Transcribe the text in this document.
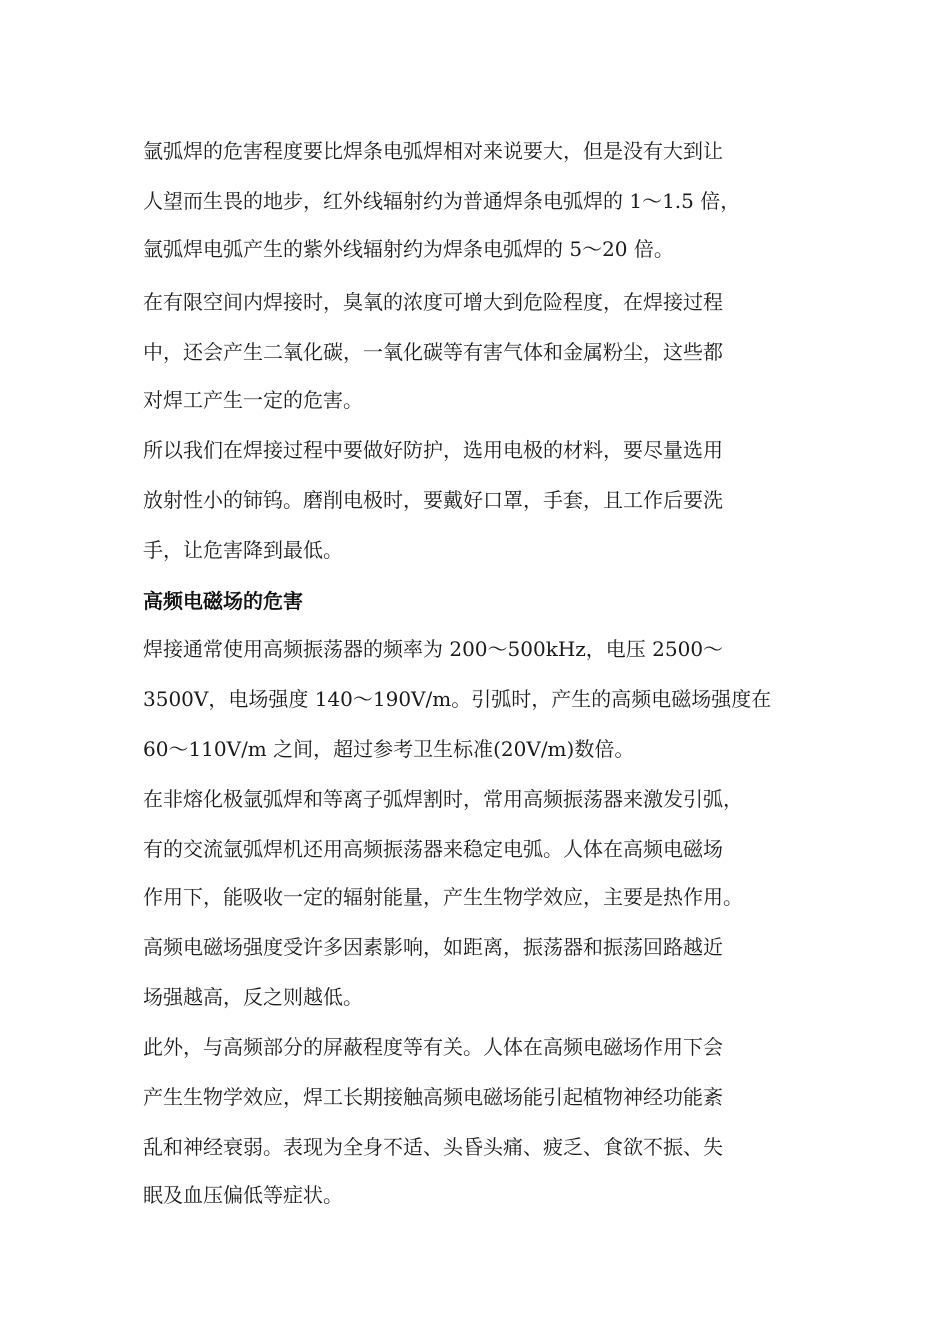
氩弧焊的危害程度要比焊条电弧焊相对来说要大，但是没有大到让

人望而生畏的地步，红外线辐射约为普通焊条电弧焊的 1～1.5 倍，

氩弧焊电弧产生的紫外线辐射约为焊条电弧焊的 5～20 倍。

在有限空间内焊接时，臭氧的浓度可增大到危险程度，在焊接过程

中，还会产生二氧化碳，一氧化碳等有害气体和金属粉尘，这些都

对焊工产生一定的危害。

所以我们在焊接过程中要做好防护，选用电极的材料，要尽量选用

放射性小的铈钨。磨削电极时，要戴好口罩，手套，且工作后要洗

手，让危害降到最低。

高频电磁场的危害

焊接通常使用高频振荡器的频率为 200～500kHz，电压 2500～

3500V，电场强度 140～190V/m。引弧时，产生的高频电磁场强度在

60～110V/m 之间，超过参考卫生标准(20V/m)数倍。

在非熔化极氩弧焊和等离子弧焊割时，常用高频振荡器来激发引弧，

有的交流氩弧焊机还用高频振荡器来稳定电弧。人体在高频电磁场

作用下，能吸收一定的辐射能量，产生生物学效应，主要是热作用。

高频电磁场强度受许多因素影响，如距离，振荡器和振荡回路越近

场强越高，反之则越低。

此外，与高频部分的屏蔽程度等有关。人体在高频电磁场作用下会

产生生物学效应，焊工长期接触高频电磁场能引起植物神经功能紊

乱和神经衰弱。表现为全身不适、头昏头痛、疲乏、食欲不振、失

眠及血压偏低等症状。
